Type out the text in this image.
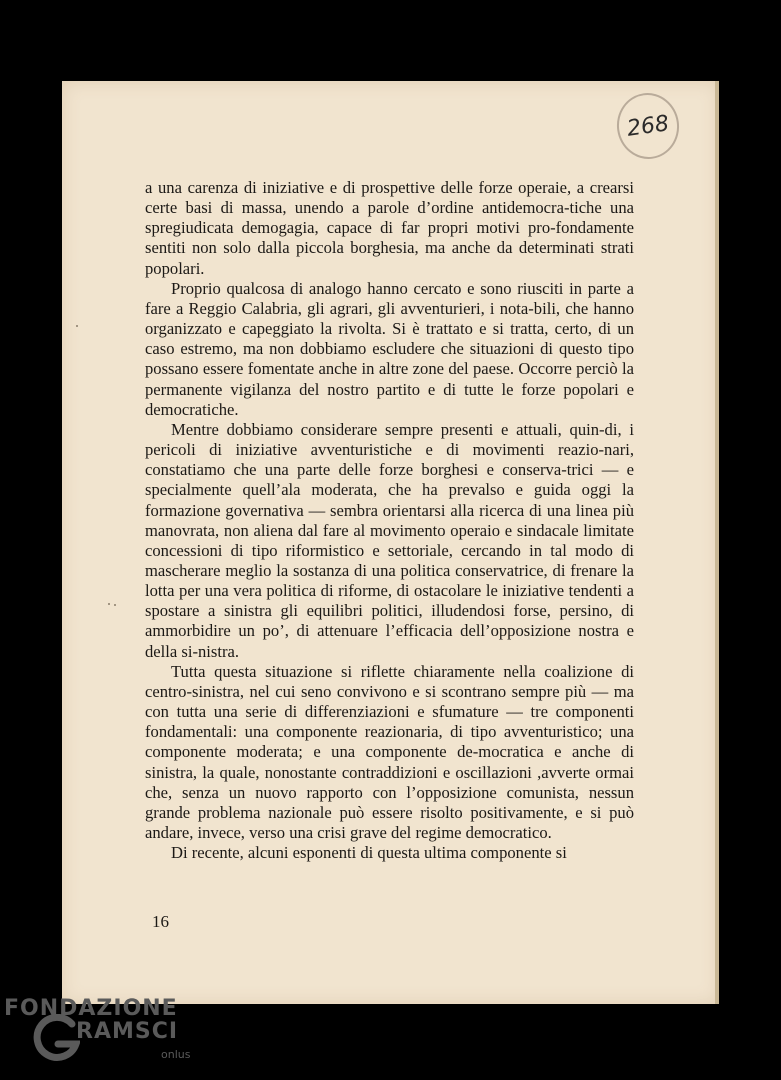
268

a una carenza di iniziative e di prospettive delle forze operaie, a crearsi certe basi di massa, unendo a parole d’ordine antidemocra-tiche una spregiudicata demogagia, capace di far propri motivi pro-fondamente sentiti non solo dalla piccola borghesia, ma anche da determinati strati popolari.

Proprio qualcosa di analogo hanno cercato e sono riusciti in parte a fare a Reggio Calabria, gli agrari, gli avventurieri, i nota-bili, che hanno organizzato e capeggiato la rivolta. Si è trattato e si tratta, certo, di un caso estremo, ma non dobbiamo escludere che situazioni di questo tipo possano essere fomentate anche in altre zone del paese. Occorre perciò la permanente vigilanza del nostro partito e di tutte le forze popolari e democratiche.

Mentre dobbiamo considerare sempre presenti e attuali, quin-di, i pericoli di iniziative avventuristiche e di movimenti reazio-nari, constatiamo che una parte delle forze borghesi e conserva-trici — e specialmente quell’ala moderata, che ha prevalso e guida oggi la formazione governativa — sembra orientarsi alla ricerca di una linea più manovrata, non aliena dal fare al movimento operaio e sindacale limitate concessioni di tipo riformistico e settoriale, cercando in tal modo di mascherare meglio la sostanza di una politica conservatrice, di frenare la lotta per una vera politica di riforme, di ostacolare le iniziative tendenti a spostare a sinistra gli equilibri politici, illudendosi forse, persino, di ammorbidire un po’, di attenuare l’efficacia dell’opposizione nostra e della si-nistra.

Tutta questa situazione si riflette chiaramente nella coalizione di centro-sinistra, nel cui seno convivono e si scontrano sempre più — ma con tutta una serie di differenziazioni e sfumature — tre componenti fondamentali: una componente reazionaria, di tipo avventuristico; una componente moderata; e una componente de-mocratica e anche di sinistra, la quale, nonostante contraddizioni e oscillazioni ,avverte ormai che, senza un nuovo rapporto con l’opposizione comunista, nessun grande problema nazionale può essere risolto positivamente, e si può andare, invece, verso una crisi grave del regime democratico.

Di recente, alcuni esponenti di questa ultima componente si

16
FONDAZIONE
RAMSCI
onlus
